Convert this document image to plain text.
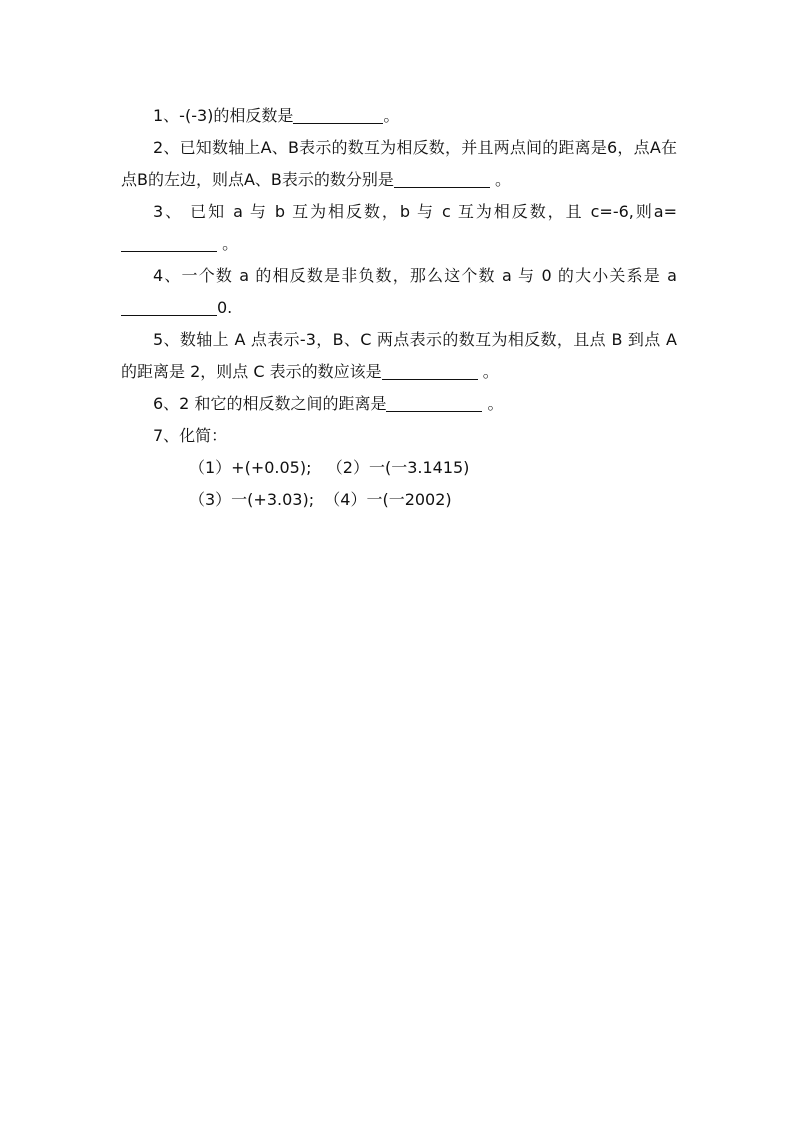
1、-(-3)的相反数是	。

2、已知数轴上A、B表示的数互为相反数，并且两点间的距离是6，点A在点B的左边，则点A、B表示的数分别是	。

3、 已知 a 与 b 互为相反数，b 与 c 互为相反数，且 c=-6,则a= 。

4、一个数 a 的相反数是非负数，那么这个数 a 与 0 的大小关系是 a0.

5、数轴上 A 点表示-3，B、C 两点表示的数互为相反数，且点 B 到点 A 的距离是 2，则点 C 表示的数应该是	。

6、2 和它的相反数之间的距离是	。

7、化简：

（1）+(+0.05); （2）一(一3.1415)

（3）一(+3.03); （4）一(一2002)
